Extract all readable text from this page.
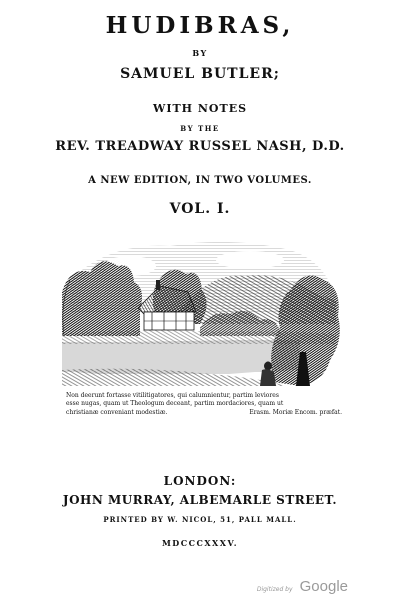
HUDIBRAS,
BY
SAMUEL BUTLER;
WITH NOTES
BY THE
REV. TREADWAY RUSSEL NASH, D.D.
A NEW EDITION, IN TWO VOLUMES.
VOL. I.
Non deerunt fortasse vitilitigatores, qui calumnientur, partim leviores
esse nugas, quam ut Theologum deceant, partim mordaciores, quam ut
christianæ conveniant modestiæ.	Erasm. Moriæ Encom. præfat.
LONDON:
JOHN MURRAY, ALBEMARLE STREET.
PRINTED BY W. NICOL, 51, PALL MALL.
MDCCCXXXV.
Digitized by Google
